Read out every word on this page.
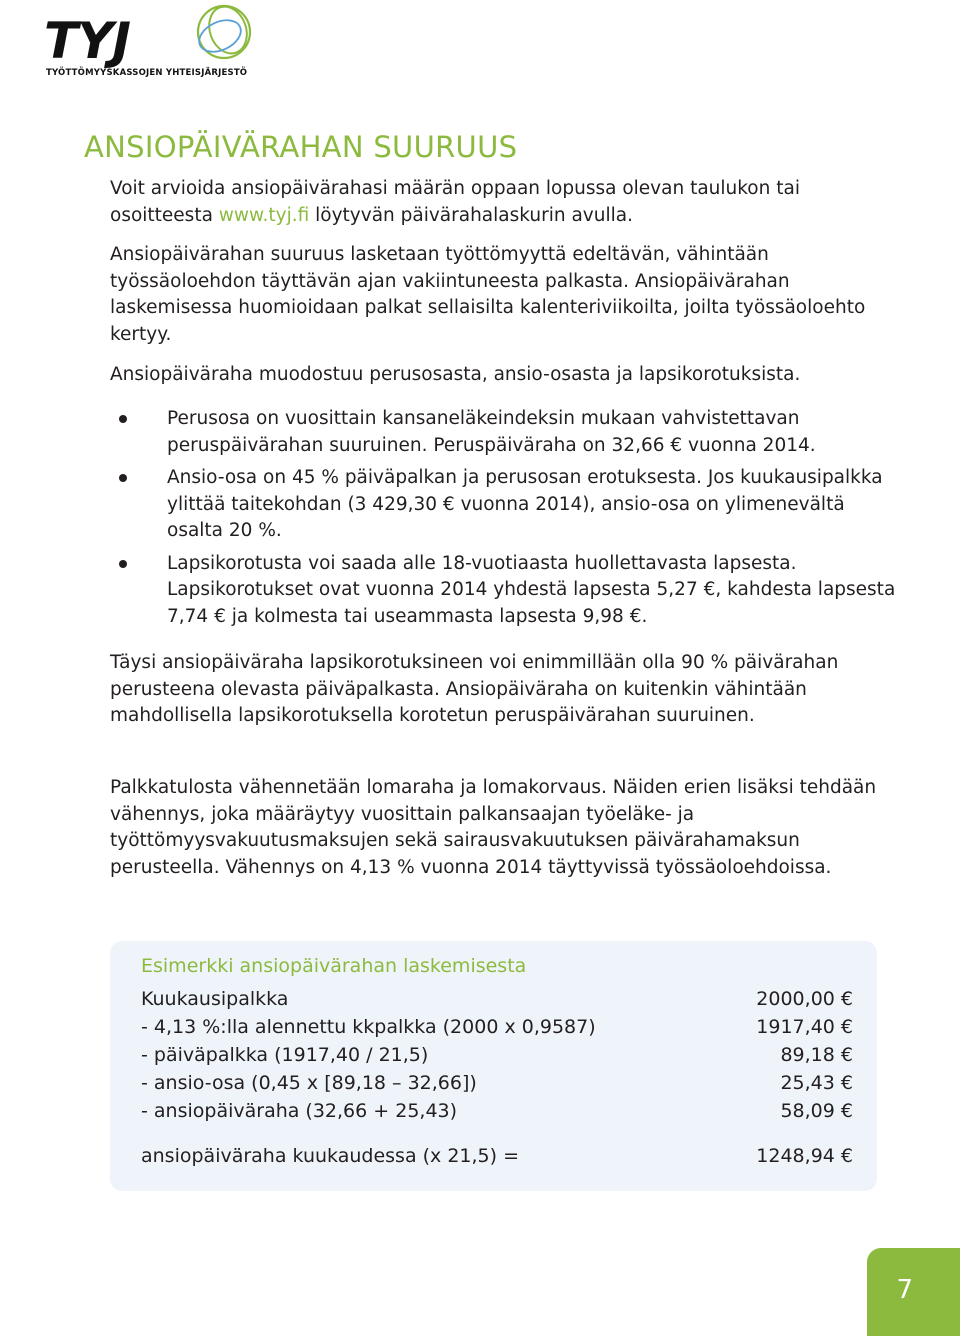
TYJ
TYÖTTÖMYYSKASSOJEN YHTEISJÄRJESTÖ
ANSIOPÄIVÄRAHAN SUURUUS

Voit arvioida ansiopäivärahasi määrän oppaan lopussa olevan taulukon tai osoitteesta www.tyj.fi löytyvän päivärahalaskurin avulla.

Ansiopäivärahan suuruus lasketaan työttömyyttä edeltävän, vähintään työssäoloehdon täyttävän ajan vakiintuneesta palkasta. Ansiopäivärahan laskemisessa huomioidaan palkat sellaisilta kalenteriviikoilta, joilta työssäoloehto kertyy.

Ansiopäiväraha muodostuu perusosasta, ansio-osasta ja lapsikorotuksista.

Perusosa on vuosittain kansaneläkeindeksin mukaan vahvistettavan peruspäivärahan suuruinen. Peruspäiväraha on 32,66 € vuonna 2014.
Ansio-osa on 45 % päiväpalkan ja perusosan erotuksesta. Jos kuukausipalkka ylittää taitekohdan (3 429,30 € vuonna 2014), ansio-osa on ylimenevältä osalta 20 %.
Lapsikorotusta voi saada alle 18-vuotiaasta huollettavasta lapsesta. Lapsikorotukset ovat vuonna 2014 yhdestä lapsesta 5,27 €, kahdesta lapsesta 7,74 € ja kolmesta tai useammasta lapsesta 9,98 €.

Täysi ansiopäiväraha lapsikorotuksineen voi enimmillään olla 90 % päivärahan perusteena olevasta päiväpalkasta. Ansiopäiväraha on kuitenkin vähintään mahdollisella lapsikorotuksella korotetun peruspäivärahan suuruinen.

Palkkatulosta vähennetään lomaraha ja lomakorvaus. Näiden erien lisäksi tehdään vähennys, joka määräytyy vuosittain palkansaajan työeläke- ja työttömyysvakuutusmaksujen sekä sairausvakuutuksen päivärahamaksun perusteella. Vähennys on 4,13 % vuonna 2014 täyttyvissä työssäoloehdoissa.

Esimerkki ansiopäivärahan laskemisesta
Kuukausipalkka	2000,00 €
- 4,13 %:lla alennettu kkpalkka (2000 x 0,9587)	1917,40 €
- päiväpalkka (1917,40 / 21,5)	89,18 €
- ansio-osa (0,45 x [89,18 – 32,66])	25,43 €
- ansiopäiväraha (32,66 + 25,43)	58,09 €
ansiopäiväraha kuukaudessa (x 21,5) =	1248,94 €
7
